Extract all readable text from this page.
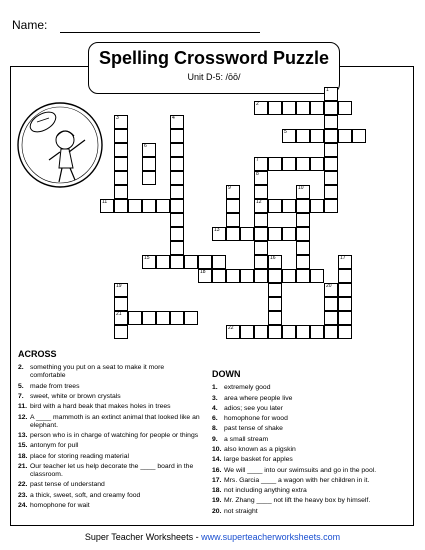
Name:
Spelling Crossword Puzzle
Unit D-5: /ōō/
1
2
3	4
5
6
7
8
12
9	10
11
13
15	16	17
18
19
21
20
22
ACROSS
2. something you put on a seat to make it more comfortable
5. made from trees
7. sweet, white or brown crystals
11. bird with a hard beak that makes holes in trees
12. A ____ mammoth is an extinct animal that looked like an elephant.
13. person who is in charge of watching for people or things
15. antonym for pull
18. place for storing reading material
21. Our teacher let us help decorate the ____ board in the classroom.
22. past tense of understand
23. a thick, sweet, soft, and creamy food
24. homophone for wait
DOWN
1. extremely good
3. area where people live
4. adios; see you later
6. homophone for wood
8. past tense of shake
9. a small stream
10. also known as a pigskin
14. large basket for apples
16. We will ____ into our swimsuits and go in the pool.
17. Mrs. Garcia ____ a wagon with her children in it.
18. not including anything extra
19. Mr. Zhang ____ not lift the heavy box by himself.
20. not straight
Super Teacher Worksheets - www.superteacherworksheets.com
